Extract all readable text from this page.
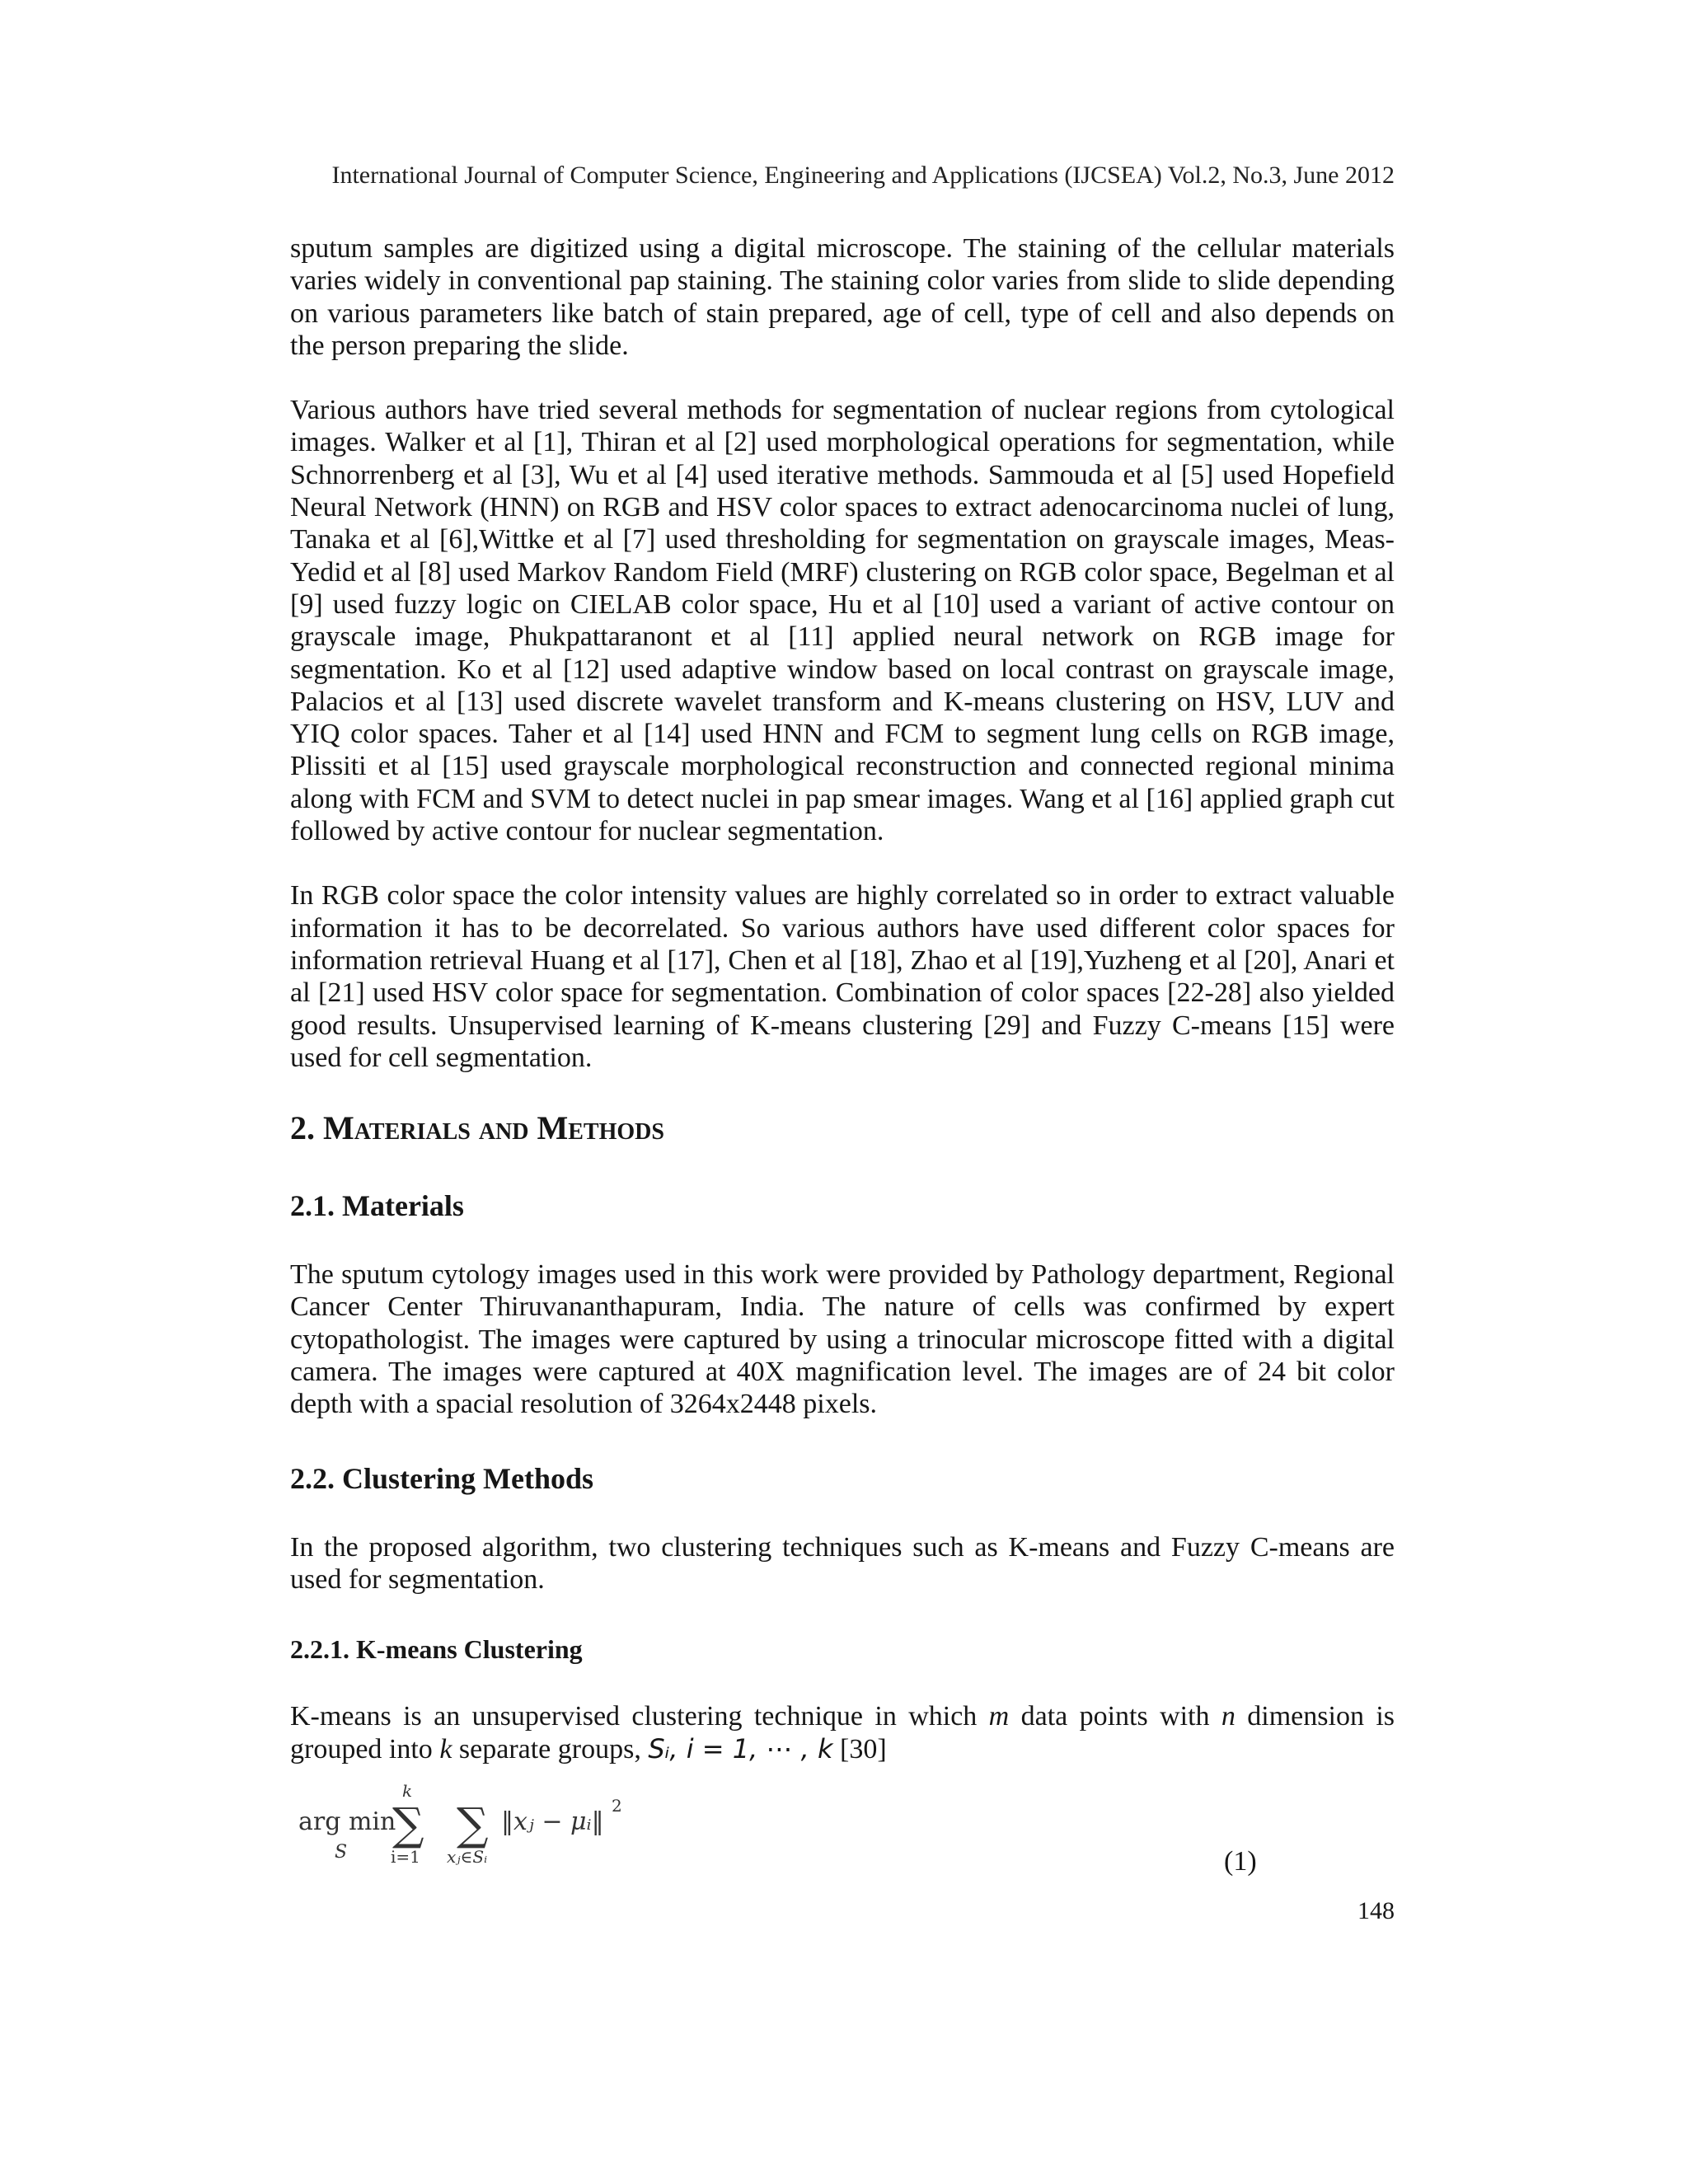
International Journal of Computer Science, Engineering and Applications (IJCSEA) Vol.2, No.3, June 2012

sputum samples are digitized using a digital microscope. The staining of the cellular materials varies widely in conventional pap staining. The staining color varies from slide to slide depending on various parameters like batch of stain prepared, age of cell, type of cell and also depends on the person preparing the slide.

Various authors have tried several methods for segmentation of nuclear regions from cytological images. Walker et al [1], Thiran et al [2] used morphological operations for segmentation, while Schnorrenberg et al [3], Wu et al [4] used iterative methods. Sammouda et al [5] used Hopefield Neural Network (HNN) on RGB and HSV color spaces to extract adenocarcinoma nuclei of lung, Tanaka et al [6],Wittke et al [7] used thresholding for segmentation on grayscale images, Meas-Yedid et al [8] used Markov Random Field (MRF) clustering on RGB color space, Begelman et al [9] used fuzzy logic on CIELAB color space, Hu et al [10] used a variant of active contour on grayscale image, Phukpattaranont et al [11] applied neural network on RGB image for segmentation. Ko et al [12] used adaptive window based on local contrast on grayscale image, Palacios et al [13] used discrete wavelet transform and K-means clustering on HSV, LUV and YIQ color spaces. Taher et al [14] used HNN and FCM to segment lung cells on RGB image, Plissiti et al [15] used grayscale morphological reconstruction and connected regional minima along with FCM and SVM to detect nuclei in pap smear images. Wang et al [16] applied graph cut followed by active contour for nuclear segmentation.

In RGB color space the color intensity values are highly correlated so in order to extract valuable information it has to be decorrelated. So various authors have used different color spaces for information retrieval Huang et al [17], Chen et al [18], Zhao et al [19],Yuzheng et al [20], Anari et al [21] used HSV color space for segmentation. Combination of color spaces [22-28] also yielded good results. Unsupervised learning of K-means clustering [29] and Fuzzy C-means [15] were used for cell segmentation.

2. Materials and Methods
2.1. Materials

The sputum cytology images used in this work were provided by Pathology department, Regional Cancer Center Thiruvananthapuram, India. The nature of cells was confirmed by expert cytopathologist. The images were captured by using a trinocular microscope fitted with a digital camera. The images were captured at 40X magnification level. The images are of 24 bit color depth with a spacial resolution of 3264x2448 pixels.

2.2. Clustering Methods

In the proposed algorithm, two clustering techniques such as K-means and Fuzzy C-means are used for segmentation.

2.2.1. K-means Clustering

K-means is an unsupervised clustering technique in which m data points with n dimension is grouped into k separate groups, Sᵢ, i = 1, ⋯ , k [30]

arg min
S
k
∑
i=1
∑
xⱼ∈Sᵢ
‖xⱼ − μᵢ‖
2
(1)
148
